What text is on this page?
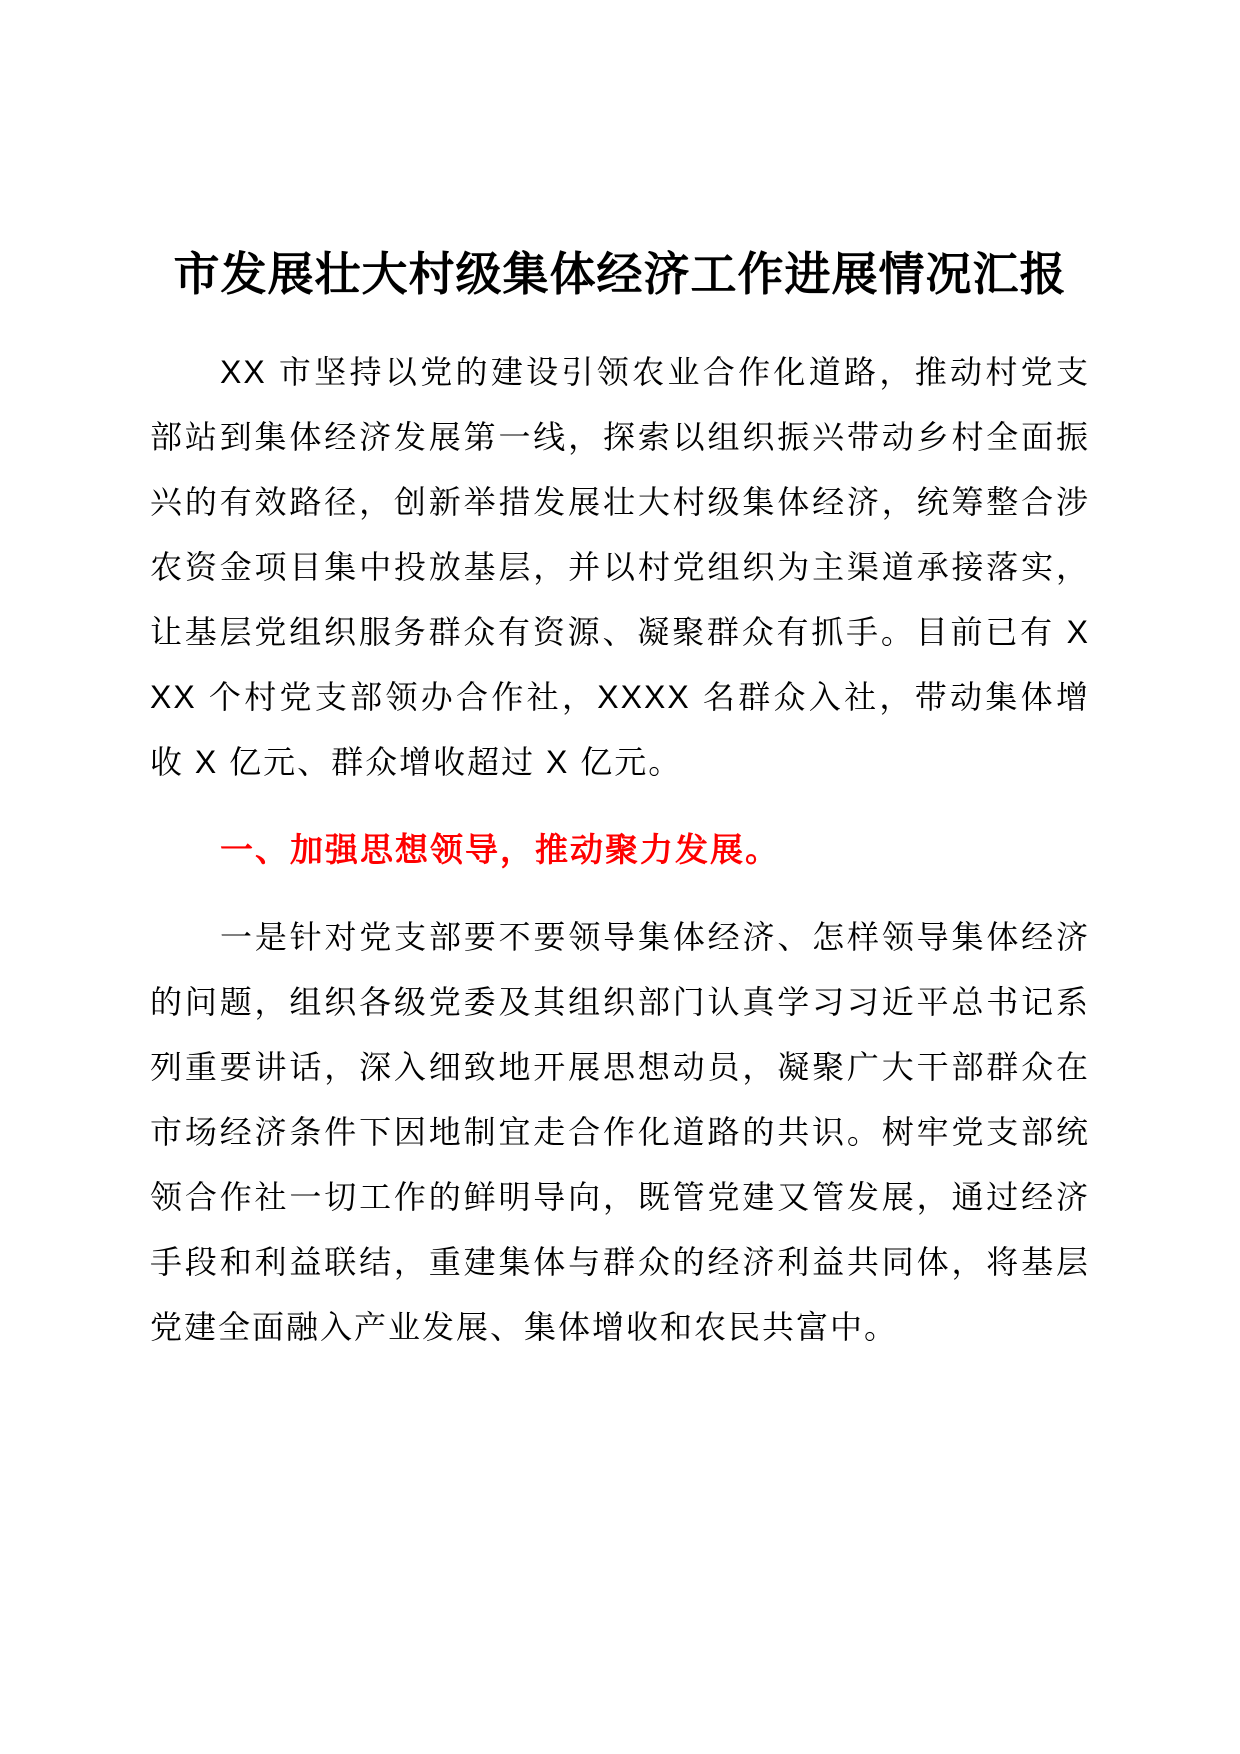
市发展壮大村级集体经济工作进展情况汇报

XX 市坚持以党的建设引领农业合作化道路，推动村党支部站到集体经济发展第一线，探索以组织振兴带动乡村全面振兴的有效路径，创新举措发展壮大村级集体经济，统筹整合涉农资金项目集中投放基层，并以村党组织为主渠道承接落实，让基层党组织服务群众有资源、凝聚群众有抓手。目前已有 XXX 个村党支部领办合作社，XXXX 名群众入社，带动集体增收 X 亿元、群众增收超过 X 亿元。

一、加强思想领导，推动聚力发展。

一是针对党支部要不要领导集体经济、怎样领导集体经济的问题，组织各级党委及其组织部门认真学习习近平总书记系列重要讲话，深入细致地开展思想动员，凝聚广大干部群众在市场经济条件下因地制宜走合作化道路的共识。树牢党支部统领合作社一切工作的鲜明导向，既管党建又管发展，通过经济手段和利益联结，重建集体与群众的经济利益共同体，将基层党建全面融入产业发展、集体增收和农民共富中。
